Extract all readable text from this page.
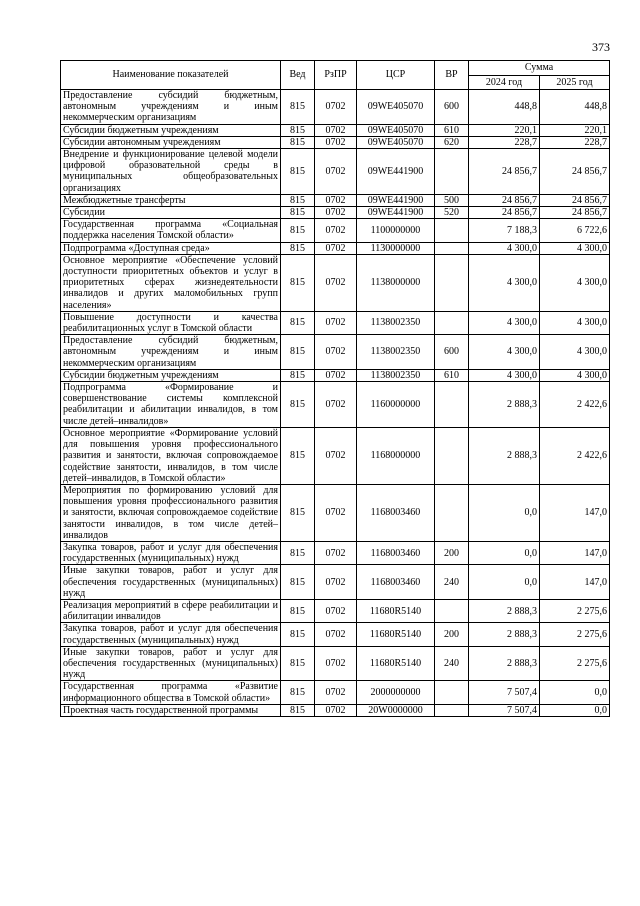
373
Наименование показателей	Вед	РзПР	ЦСР	ВР	Сумма	
					2024 год	2025 год
Предоставление субсидий бюджетным, автономным учреждениям и иным некоммерческим организациям	815	0702	09WE405070	600	448,8	448,8
Субсидии бюджетным учреждениям	815	0702	09WE405070	610	220,1	220,1
Субсидии автономным учреждениям	815	0702	09WE405070	620	228,7	228,7
Внедрение и функционирование целевой модели цифровой образовательной среды в муниципальных общеобразовательных организациях	815	0702	09WE441900		24 856,7	24 856,7
Межбюджетные трансферты	815	0702	09WE441900	500	24 856,7	24 856,7
Субсидии	815	0702	09WE441900	520	24 856,7	24 856,7
Государственная программа «Социальная поддержка населения Томской области»	815	0702	1100000000		7 188,3	6 722,6
Подпрограмма «Доступная среда»	815	0702	1130000000		4 300,0	4 300,0
Основное мероприятие «Обеспечение условий доступности приоритетных объектов и услуг в приоритетных сферах жизнедеятельности инвалидов и других маломобильных групп населения»	815	0702	1138000000		4 300,0	4 300,0
Повышение доступности и качества реабилитационных услуг в Томской области	815	0702	1138002350		4 300,0	4 300,0
Предоставление субсидий бюджетным, автономным учреждениям и иным некоммерческим организациям	815	0702	1138002350	600	4 300,0	4 300,0
Субсидии бюджетным учреждениям	815	0702	1138002350	610	4 300,0	4 300,0
Подпрограмма «Формирование и совершенствование системы комплексной реабилитации и абилитации инвалидов, в том числе детей–инвалидов»	815	0702	1160000000		2 888,3	2 422,6
Основное мероприятие «Формирование условий для повышения уровня профессионального развития и занятости, включая сопровождаемое содействие занятости, инвалидов, в том числе детей–инвалидов, в Томской области»	815	0702	1168000000		2 888,3	2 422,6
Мероприятия по формированию условий для повышения уровня профессионального развития и занятости, включая сопровождаемое содействие занятости инвалидов, в том числе детей–инвалидов	815	0702	1168003460		0,0	147,0
Закупка товаров, работ и услуг для обеспечения государственных (муниципальных) нужд	815	0702	1168003460	200	0,0	147,0
Иные закупки товаров, работ и услуг для обеспечения государственных (муниципальных) нужд	815	0702	1168003460	240	0,0	147,0
Реализация мероприятий в сфере реабилитации и абилитации инвалидов	815	0702	11680R5140		2 888,3	2 275,6
Закупка товаров, работ и услуг для обеспечения государственных (муниципальных) нужд	815	0702	11680R5140	200	2 888,3	2 275,6
Иные закупки товаров, работ и услуг для обеспечения государственных (муниципальных) нужд	815	0702	11680R5140	240	2 888,3	2 275,6
Государственная программа «Развитие информационного общества в Томской области»	815	0702	2000000000		7 507,4	0,0
Проектная часть государственной программы	815	0702	20W0000000		7 507,4	0,0
